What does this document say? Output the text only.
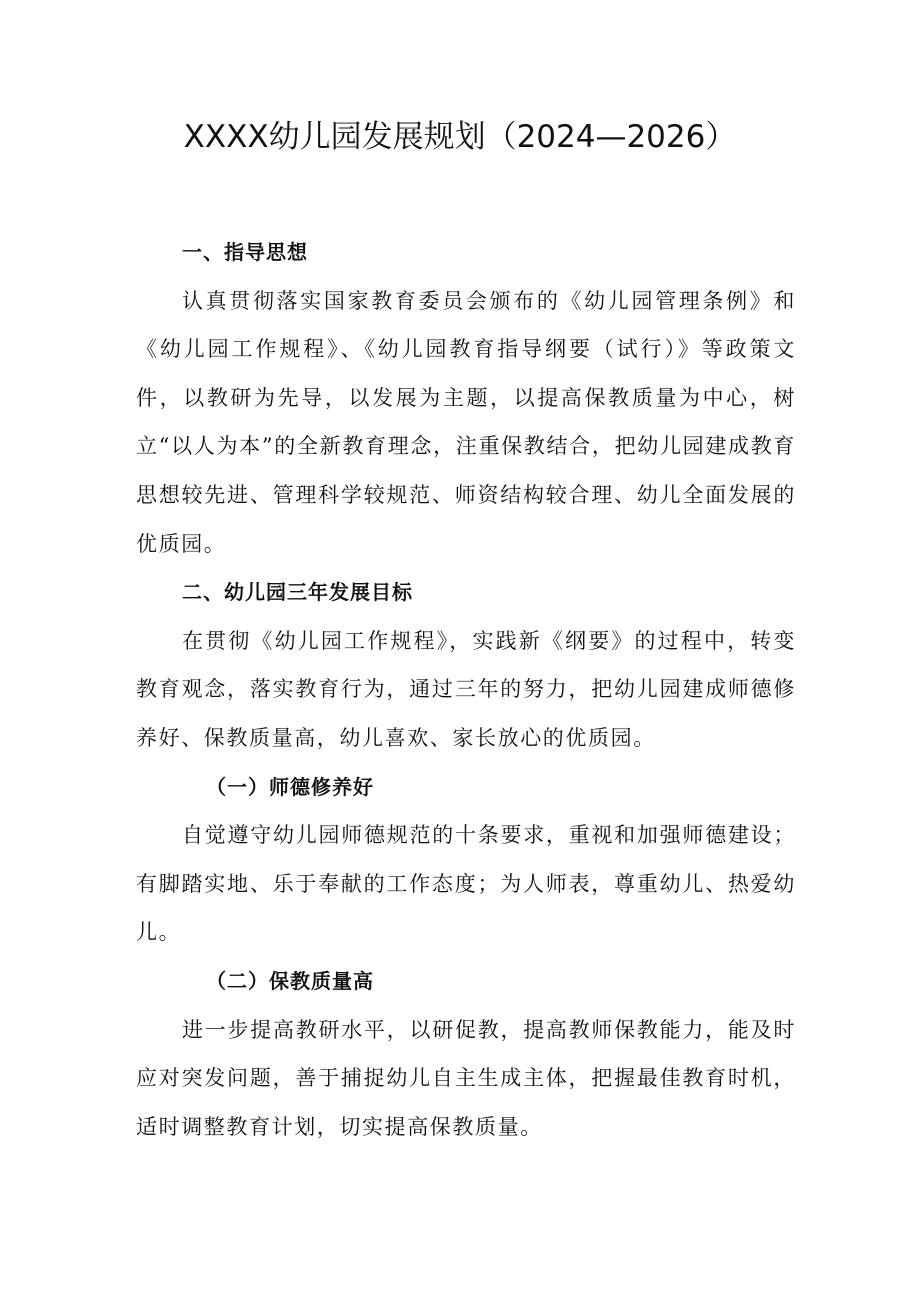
XXXX幼儿园发展规划（2024—2026）

一、指导思想

认真贯彻落实国家教育委员会颁布的《幼儿园管理条例》和《幼儿园工作规程》、《幼儿园教育指导纲要（试行）》等政策文件，以教研为先导，以发展为主题，以提高保教质量为中心，树立“以人为本”的全新教育理念，注重保教结合，把幼儿园建成教育思想较先进、管理科学较规范、师资结构较合理、幼儿全面发展的优质园。

二、幼儿园三年发展目标

在贯彻《幼儿园工作规程》，实践新《纲要》的过程中，转变教育观念，落实教育行为，通过三年的努力，把幼儿园建成师德修养好、保教质量高，幼儿喜欢、家长放心的优质园。

（一）师德修养好

自觉遵守幼儿园师德规范的十条要求，重视和加强师德建设；有脚踏实地、乐于奉献的工作态度；为人师表，尊重幼儿、热爱幼儿。

（二）保教质量高

进一步提高教研水平，以研促教，提高教师保教能力，能及时应对突发问题，善于捕捉幼儿自主生成主体，把握最佳教育时机，适时调整教育计划，切实提高保教质量。
